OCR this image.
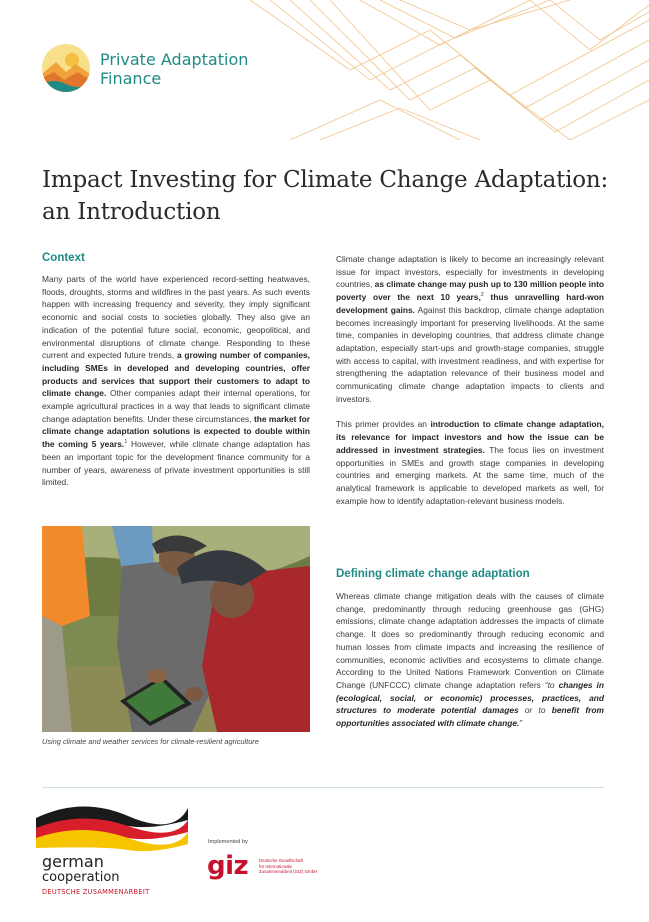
Private Adaptation
Finance
Impact Investing for Climate Change Adaptation:
an Introduction
Context

Many parts of the world have experienced record-setting heatwaves, floods, droughts, storms and wildfires in the past years. As such events happen with increasing frequency and severity, they imply significant economic and social costs to societies globally. They also give an indication of the potential future social, economic, geopolitical, and environmental disruptions of climate change. Responding to these current and expected future trends, a growing number of companies, including SMEs in developed and developing countries, offer products and services that support their customers to adapt to climate change. Other companies adapt their internal operations, for example agricultural practices in a way that leads to significant climate change adaptation benefits. Under these circumstances, the market for climate change adaptation solutions is expected to double within the coming 5 years.$^1$ However, while climate change adaptation has been an important topic for the development finance community for a number of years, awareness of private investment opportunities is still limited.

Climate change adaptation is likely to become an increasingly relevant issue for impact investors, especially for investments in developing countries, as climate change may push up to 130 million people into poverty over the next 10 years,$^2$ thus unravelling hard-won development gains. Against this backdrop, climate change adaptation becomes increasingly important for preserving livelihoods. At the same time, companies in developing countries, that address climate change adaptation, especially start-ups and growth-stage companies, struggle with access to capital, with investment readiness, and with expertise for strengthening the adaptation relevance of their business model and communicating climate change adaptation impacts to clients and investors.

This primer provides an introduction to climate change adaptation, its relevance for impact investors and how the issue can be addressed in investment strategies. The focus lies on investment opportunities in SMEs and growth stage companies in developing countries and emerging markets. At the same time, much of the analytical framework is applicable to developed markets as well, for example how to identify adaptation-relevant business models.

Defining climate change adaptation

Whereas climate change mitigation deals with the causes of climate change, predominantly through reducing greenhouse gas (GHG) emissions, climate change adaptation addresses the impacts of climate change. It does so predominantly through reducing economic and human losses from climate impacts and increasing the resilience of communities, economic activities and ecosystems to climate change. According to the United Nations Framework Convention on Climate Change (UNFCCC) climate change adaptation refers “to changes in (ecological, social, or economic) processes, practices, and structures to moderate potential damages or to benefit from opportunities associated with climate change.”

Using climate and weather services for climate-resilient agriculture
german
cooperation
DEUTSCHE ZUSAMMENARBEIT
Implemented by
giz Deutsche Gesellschaft
für Internationale
Zusammenarbeit (GIZ) GmbH
